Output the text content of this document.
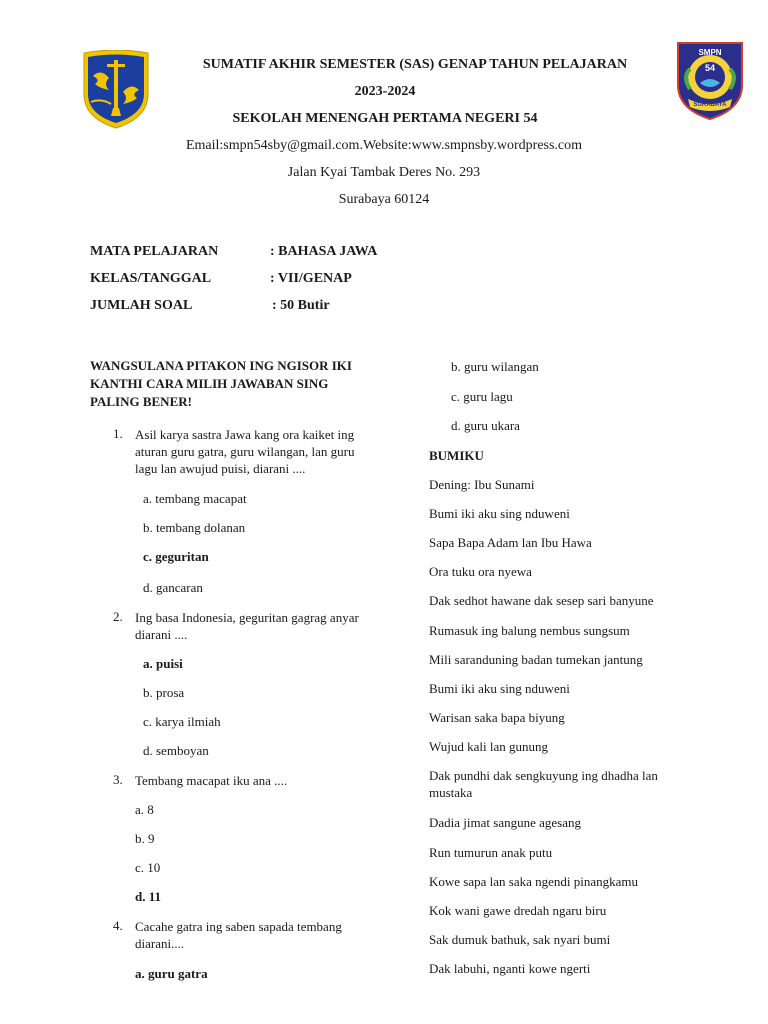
SMPN
54
SURABAYA
SUMATIF AKHIR SEMESTER (SAS) GENAP TAHUN PELAJARAN
2023-2024
SEKOLAH MENENGAH PERTAMA NEGERI 54
Email:smpn54sby@gmail.com.Website:www.smpnsby.wordpress.com
Jalan Kyai Tambak Deres No. 293
Surabaya 60124
MATA PELAJARAN	: BAHASA JAWA
KELAS/TANGGAL	: VII/GENAP
JUMLAH SOAL	: 50 Butir
WANGSULANA PITAKON ING NGISOR IKI KANTHI CARA MILIH JAWABAN SING PALING BENER!
1. Asil karya sastra Jawa kang ora kaiket ing aturan guru gatra, guru wilangan, lan guru lagu lan awujud puisi, diarani ....
a. tembang macapat
b. tembang dolanan
c. geguritan
d. gancaran
2. Ing basa Indonesia, geguritan gagrag anyar diarani ....
a. puisi
b. prosa
c. karya ilmiah
d. semboyan
3. Tembang macapat iku ana ....
a. 8
b. 9
c. 10
d. 11
4. Cacahe gatra ing saben sapada tembang diarani....
a. guru gatra
b. guru wilangan
c. guru lagu
d. guru ukara
BUMIKU
Dening: Ibu Sunami
Bumi iki aku sing nduweni
Sapa Bapa Adam lan Ibu Hawa
Ora tuku ora nyewa
Dak sedhot hawane dak sesep sari banyune
Rumasuk ing balung nembus sungsum
Mili saranduning badan tumekan jantung
Bumi iki aku sing nduweni
Warisan saka bapa biyung
Wujud kali lan gunung
Dak pundhi dak sengkuyung ing dhadha lan mustaka
Dadia jimat sangune agesang
Run tumurun anak putu
Kowe sapa lan saka ngendi pinangkamu
Kok wani gawe dredah ngaru biru
Sak dumuk bathuk, sak nyari bumi
Dak labuhi, nganti kowe ngerti
